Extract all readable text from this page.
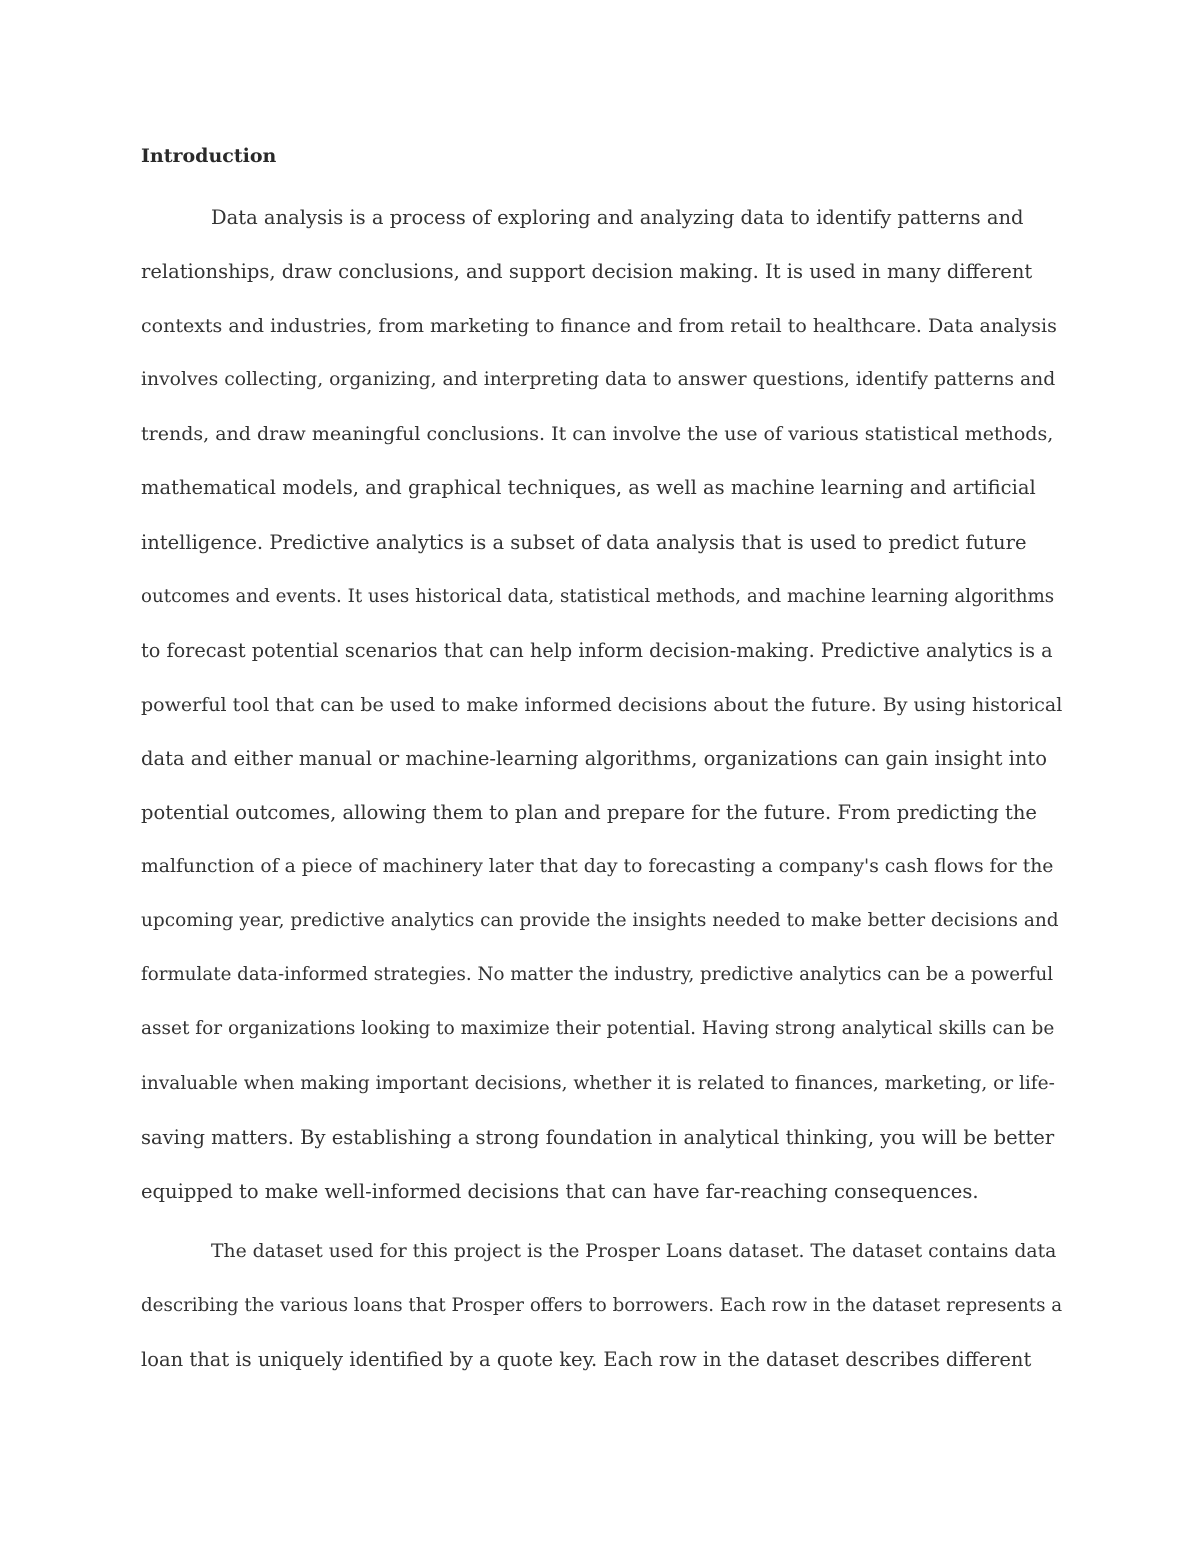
Introduction

Data analysis is a process of exploring and analyzing data to identify patterns and
relationships, draw conclusions, and support decision making. It is used in many different
contexts and industries, from marketing to finance and from retail to healthcare. Data analysis
involves collecting, organizing, and interpreting data to answer questions, identify patterns and
trends, and draw meaningful conclusions. It can involve the use of various statistical methods,
mathematical models, and graphical techniques, as well as machine learning and artificial
intelligence. Predictive analytics is a subset of data analysis that is used to predict future
outcomes and events. It uses historical data, statistical methods, and machine learning algorithms
to forecast potential scenarios that can help inform decision-making. Predictive analytics is a
powerful tool that can be used to make informed decisions about the future. By using historical
data and either manual or machine-learning algorithms, organizations can gain insight into
potential outcomes, allowing them to plan and prepare for the future. From predicting the
malfunction of a piece of machinery later that day to forecasting a company's cash flows for the
upcoming year, predictive analytics can provide the insights needed to make better decisions and
formulate data-informed strategies. No matter the industry, predictive analytics can be a powerful
asset for organizations looking to maximize their potential. Having strong analytical skills can be
invaluable when making important decisions, whether it is related to finances, marketing, or life-
saving matters. By establishing a strong foundation in analytical thinking, you will be better
equipped to make well-informed decisions that can have far-reaching consequences.

The dataset used for this project is the Prosper Loans dataset. The dataset contains data
describing the various loans that Prosper offers to borrowers. Each row in the dataset represents a
loan that is uniquely identified by a quote key. Each row in the dataset describes different
